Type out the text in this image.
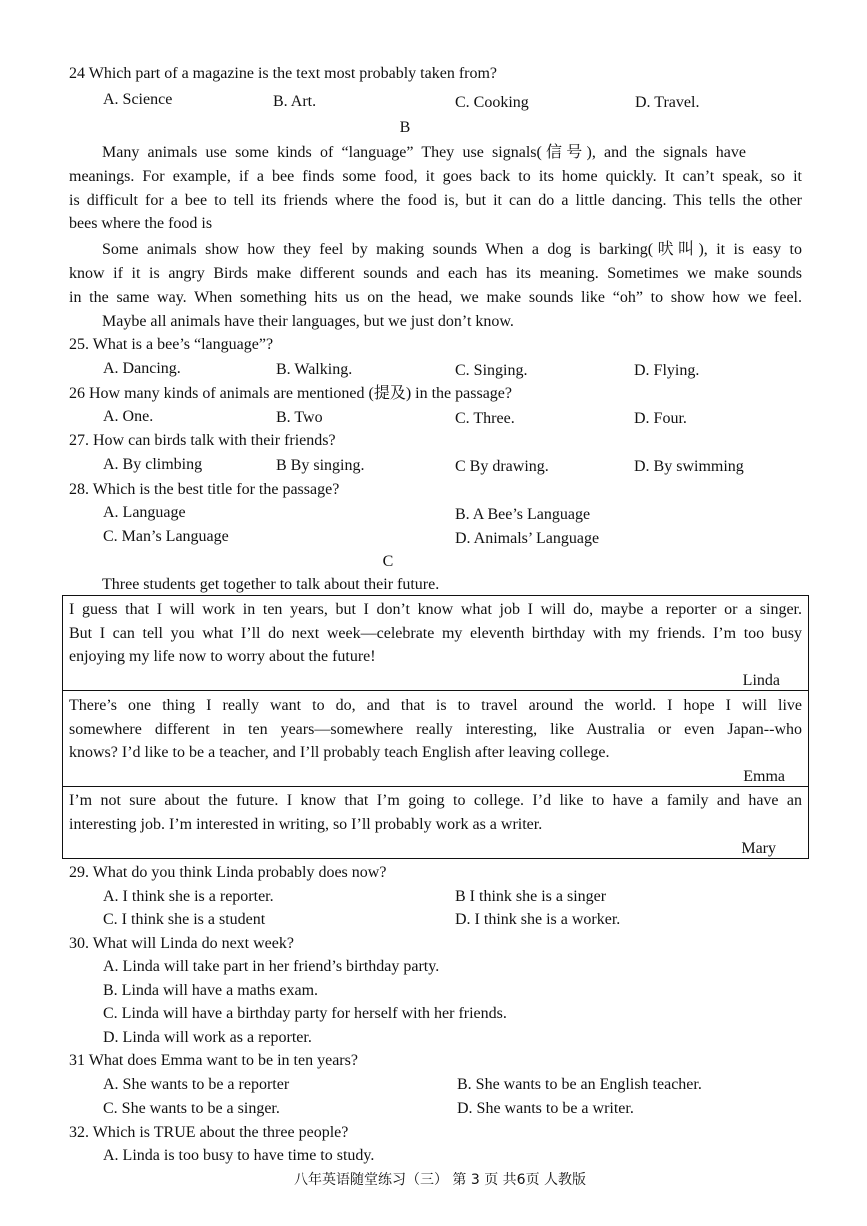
24 Which part of a magazine is the text most probably taken from?
A. Science	B. Art.	C. Cooking	D. Travel.
B
Many animals use some kinds of “language” They use signals(信号), and the signals have
meanings. For example, if a bee finds some food, it goes back to its home quickly. It can’t speak, so it
is difficult for a bee to tell its friends where the food is, but it can do a little dancing. This tells the other
bees where the food is
Some animals show how they feel by making sounds When a dog is barking(吠叫), it is easy to
know if it is angry Birds make different sounds and each has its meaning. Sometimes we make sounds
in the same way. When something hits us on the head, we make sounds like “oh” to show how we feel.
Maybe all animals have their languages, but we just don’t know.
25. What is a bee’s “language”?
A. Dancing.	B. Walking.	C. Singing.	D. Flying.
26 How many kinds of animals are mentioned (提及) in the passage?
A. One.	B. Two	C. Three.	D. Four.
27. How can birds talk with their friends?
A. By climbing	B By singing.	C By drawing.	D. By swimming
28. Which is the best title for the passage?
A. Language	B. A Bee’s Language
C. Man’s Language	D. Animals’ Language
C
Three students get together to talk about their future.
I guess that I will work in ten years, but I don’t know what job I will do, maybe a reporter or a singer.
But I can tell you what I’ll do next week—celebrate my eleventh birthday with my friends. I’m too busy
enjoying my life now to worry about the future!
Linda
There’s one thing I really want to do, and that is to travel around the world. I hope I will live
somewhere different in ten years—somewhere really interesting, like Australia or even Japan--who
knows? I’d like to be a teacher, and I’ll probably teach English after leaving college.
Emma
I’m not sure about the future. I know that I’m going to college. I’d like to have a family and have an
interesting job. I’m interested in writing, so I’ll probably work as a writer.
Mary
29. What do you think Linda probably does now?
A. I think she is a reporter.	B I think she is a singer
C. I think she is a student	D. I think she is a worker.
30. What will Linda do next week?
A. Linda will take part in her friend’s birthday party.
B. Linda will have a maths exam.
C. Linda will have a birthday party for herself with her friends.
D. Linda will work as a reporter.
31 What does Emma want to be in ten years?
A. She wants to be a reporter	B. She wants to be an English teacher.
C. She wants to be a singer.	D. She wants to be a writer.
32. Which is TRUE about the three people?
A. Linda is too busy to have time to study.
八年英语随堂练习（三） 第 3 页 共6页 人教版
